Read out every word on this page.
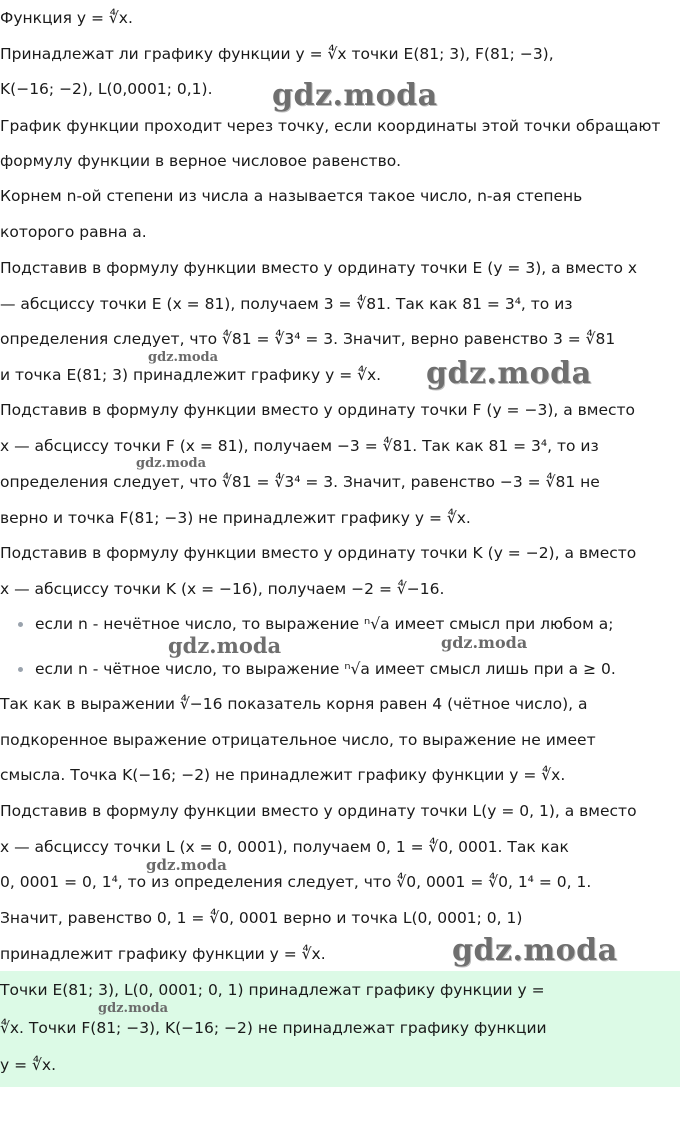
Функция y = ∜x.
Принадлежат ли графику функции y = ∜x точки E(81; 3), F(81; −3),
K(−16; −2), L(0,0001; 0,1).
График функции проходит через точку, если координаты этой точки обращают
формулу функции в верное числовое равенство.
Корнем n-ой степени из числа a называется такое число, n-ая степень
которого равна a.
Подставив в формулу функции вместо y ординату точки E (y = 3), а вместо x
— абсциссу точки E (x = 81), получаем 3 = ∜81. Так как 81 = 3⁴, то из
определения следует, что ∜81 = ∜3⁴ = 3. Значит, верно равенство 3 = ∜81
и точка E(81; 3) принадлежит графику y = ∜x.
Подставив в формулу функции вместо y ординату точки F (y = −3), а вместо
x — абсциссу точки F (x = 81), получаем −3 = ∜81. Так как 81 = 3⁴, то из
определения следует, что ∜81 = ∜3⁴ = 3. Значит, равенство −3 = ∜81 не
верно и точка F(81; −3) не принадлежит графику y = ∜x.
Подставив в формулу функции вместо y ординату точки K (y = −2), а вместо
x — абсциссу точки K (x = −16), получаем −2 = ∜−16.
если n - нечётное число, то выражение ⁿ√a имеет смысл при любом a;
если n - чётное число, то выражение ⁿ√a имеет смысл лишь при a ≥ 0.
Так как в выражении ∜−16 показатель корня равен 4 (чётное число), а
подкоренное выражение отрицательное число, то выражение не имеет
смысла. Точка K(−16; −2) не принадлежит графику функции y = ∜x.
Подставив в формулу функции вместо y ординату точки L(y = 0, 1), а вместо
x — абсциссу точки L (x = 0, 0001), получаем 0, 1 = ∜0, 0001. Так как
0, 0001 = 0, 1⁴, то из определения следует, что ∜0, 0001 = ∜0, 1⁴ = 0, 1.
Значит, равенство 0, 1 = ∜0, 0001 верно и точка L(0, 0001; 0, 1)
принадлежит графику функции y = ∜x.
Точки E(81; 3), L(0, 0001; 0, 1) принадлежат графику функции y =
∜x. Точки F(81; −3), K(−16; −2) не принадлежат графику функции
y = ∜x.
gdz.moda
gdz.moda	gdz.moda
gdz.moda
gdz.moda	gdz.moda
gdz.moda
gdz.moda
gdz.moda
